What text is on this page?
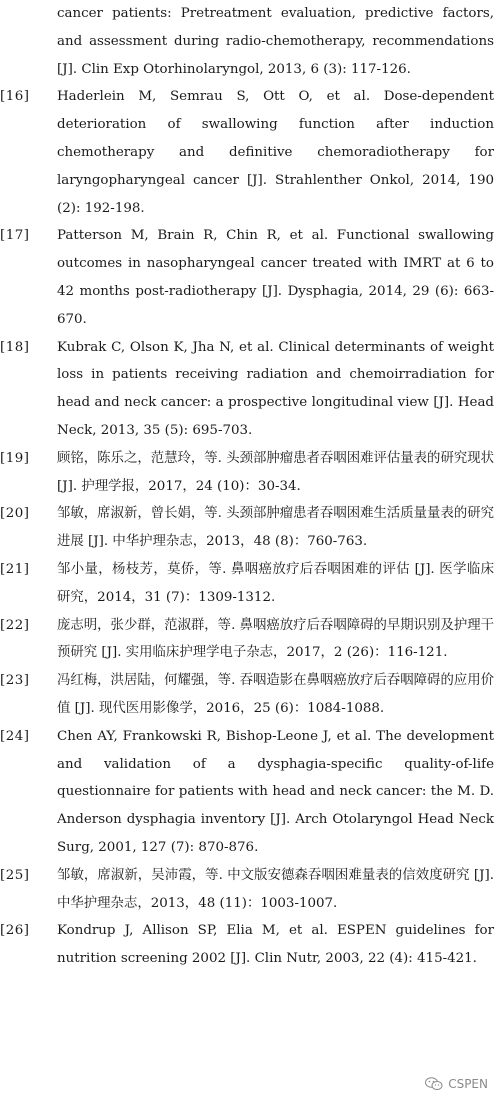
cancer patients: Pretreatment evaluation, predictive factors, and assessment during radio-chemotherapy, recommendations [J]. Clin Exp Otorhinolaryngol, 2013, 6 (3): 117-126.
[16]	Haderlein M, Semrau S, Ott O, et al. Dose-dependent deterioration of swallowing function after induction chemotherapy and definitive chemoradiotherapy for laryngopharyngeal cancer [J]. Strahlenther Onkol, 2014, 190 (2): 192-198.
[17]	Patterson M, Brain R, Chin R, et al. Functional swallowing outcomes in nasopharyngeal cancer treated with IMRT at 6 to 42 months post-radiotherapy [J]. Dysphagia, 2014, 29 (6): 663-670.
[18]	Kubrak C, Olson K, Jha N, et al. Clinical determinants of weight loss in patients receiving radiation and chemoirradiation for head and neck cancer: a prospective longitudinal view [J]. Head Neck, 2013, 35 (5): 695-703.
[19]	顾铭，陈乐之，范慧玲，等. 头颈部肿瘤患者吞咽困难评估量表的研究现状 [J]. 护理学报，2017，24 (10)：30-34.
[20]	邹敏，席淑新，曾长娟，等. 头颈部肿瘤患者吞咽困难生活质量量表的研究进展 [J]. 中华护理杂志，2013，48 (8)：760-763.
[21]	邹小量，杨枝芳，莫侨，等. 鼻咽癌放疗后吞咽困难的评估 [J]. 医学临床研究，2014，31 (7)：1309-1312.
[22]	庞志明，张少群，范淑群，等. 鼻咽癌放疗后吞咽障碍的早期识别及护理干预研究 [J]. 实用临床护理学电子杂志，2017，2 (26)：116-121.
[23]	冯红梅，洪居陆，何耀强，等. 吞咽造影在鼻咽癌放疗后吞咽障碍的应用价值 [J]. 现代医用影像学，2016，25 (6)：1084-1088.
[24]	Chen AY, Frankowski R, Bishop-Leone J, et al. The development and validation of a dysphagia-specific quality-of-life questionnaire for patients with head and neck cancer: the M. D. Anderson dysphagia inventory [J]. Arch Otolaryngol Head Neck Surg, 2001, 127 (7): 870-876.
[25]	邹敏，席淑新，吴沛霞，等. 中文版安德森吞咽困难量表的信效度研究 [J]. 中华护理杂志，2013，48 (11)：1003-1007.
[26]	Kondrup J, Allison SP, Elia M, et al. ESPEN guidelines for nutrition screening 2002 [J]. Clin Nutr, 2003, 22 (4): 415-421.
CSPEN
